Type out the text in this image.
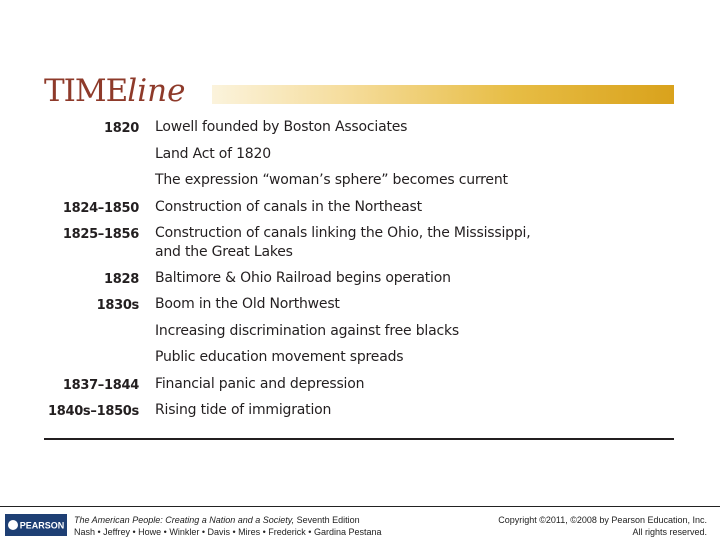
TIMEline
1820 Lowell founded by Boston Associates
Land Act of 1820
The expression “woman’s sphere” becomes current
1824–1850 Construction of canals in the Northeast
1825–1856 Construction of canals linking the Ohio, the Mississippi,
and the Great Lakes
1828 Baltimore & Ohio Railroad begins operation
1830s Boom in the Old Northwest
Increasing discrimination against free blacks
Public education movement spreads
1837–1844 Financial panic and depression
1840s–1850s Rising tide of immigration
PEARSON
The American People: Creating a Nation and a Society, Seventh Edition
Nash • Jeffrey • Howe • Winkler • Davis • Mires • Frederick • Gardina Pestana
Copyright ©2011, ©2008 by Pearson Education, Inc.
All rights reserved.
